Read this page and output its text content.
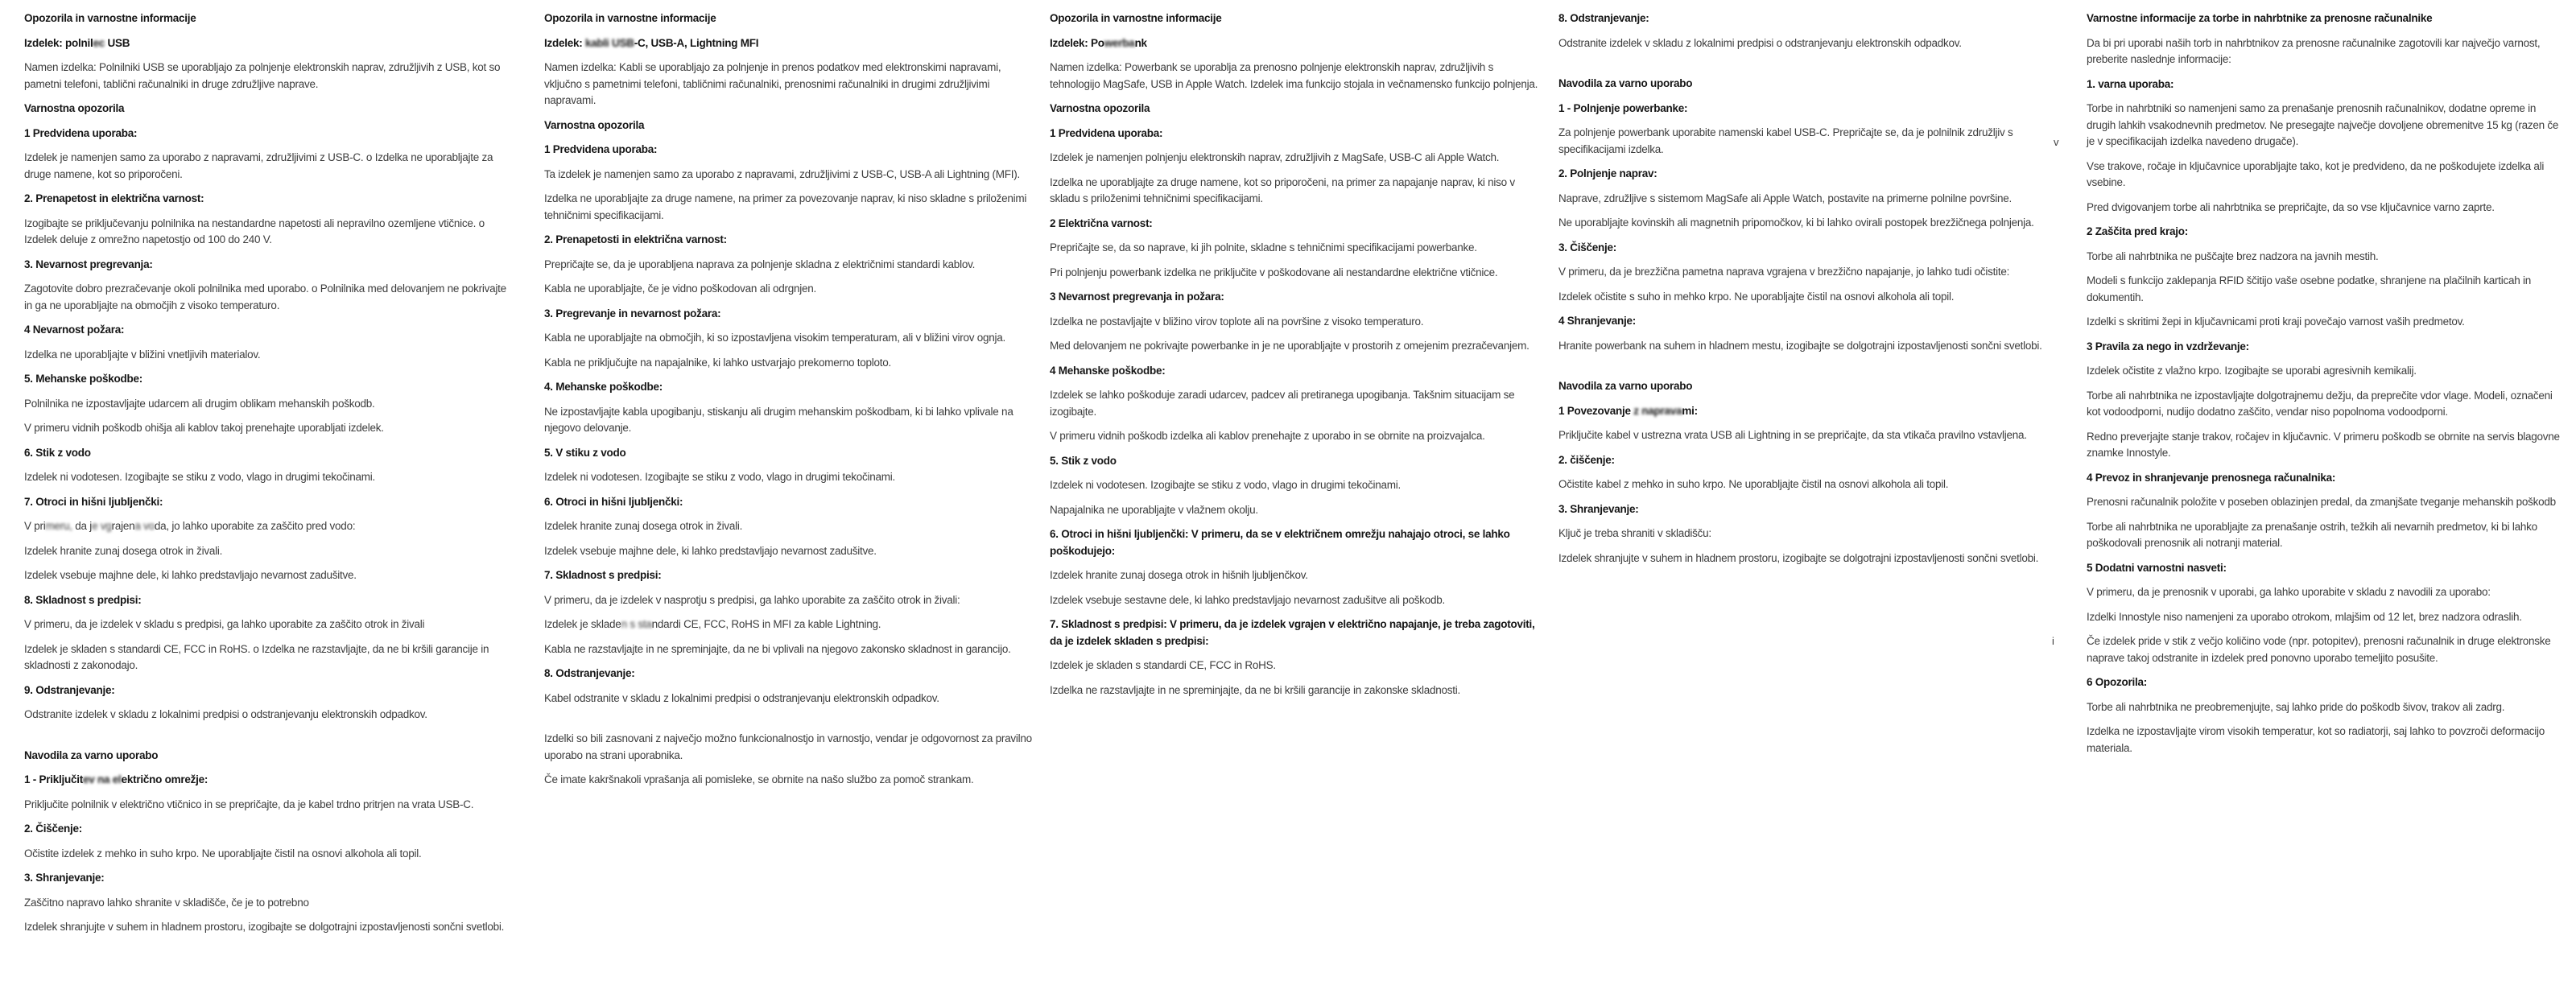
Opozorila in varnostne informacije

Izdelek: polnilec USB

Namen izdelka: Polnilniki USB se uporabljajo za polnjenje elektronskih naprav, združljivih z USB, kot so pametni telefoni, tablični računalniki in druge združljive naprave.

Varnostna opozorila

1 Predvidena uporaba:

Izdelek je namenjen samo za uporabo z napravami, združljivimi z USB-C. o Izdelka ne uporabljajte za druge namene, kot so priporočeni.

2. Prenapetost in električna varnost:

Izogibajte se priključevanju polnilnika na nestandardne napetosti ali nepravilno ozemljene vtičnice. o Izdelek deluje z omrežno napetostjo od 100 do 240 V.

3. Nevarnost pregrevanja:

Zagotovite dobro prezračevanje okoli polnilnika med uporabo. o Polnilnika med delovanjem ne pokrivajte in ga ne uporabljajte na območjih z visoko temperaturo.

4 Nevarnost požara:

Izdelka ne uporabljajte v bližini vnetljivih materialov.

5. Mehanske poškodbe:

Polnilnika ne izpostavljajte udarcem ali drugim oblikam mehanskih poškodb.

V primeru vidnih poškodb ohišja ali kablov takoj prenehajte uporabljati izdelek.

6. Stik z vodo

Izdelek ni vodotesen. Izogibajte se stiku z vodo, vlago in drugimi tekočinami.

7. Otroci in hišni ljubljenčki:

V primeru, da je vgrajena voda, jo lahko uporabite za zaščito pred vodo:

Izdelek hranite zunaj dosega otrok in živali.

Izdelek vsebuje majhne dele, ki lahko predstavljajo nevarnost zadušitve.

8. Skladnost s predpisi:

V primeru, da je izdelek v skladu s predpisi, ga lahko uporabite za zaščito otrok in živali

Izdelek je skladen s standardi CE, FCC in RoHS. o Izdelka ne razstavljajte, da ne bi kršili garancije in skladnosti z zakonodajo.

9. Odstranjevanje:

Odstranite izdelek v skladu z lokalnimi predpisi o odstranjevanju elektronskih odpadkov.

Navodila za varno uporabo

1 - Priključitev na električno omrežje:

Priključite polnilnik v električno vtičnico in se prepričajte, da je kabel trdno pritrjen na vrata USB-C.

2. Čiščenje:

Očistite izdelek z mehko in suho krpo. Ne uporabljajte čistil na osnovi alkohola ali topil.

3. Shranjevanje:

Zaščitno napravo lahko shranite v skladišče, če je to potrebno

Izdelek shranjujte v suhem in hladnem prostoru, izogibajte se dolgotrajni izpostavljenosti sončni svetlobi.

Opozorila in varnostne informacije

Izdelek: kabli USB-C, USB-A, Lightning MFI

Namen izdelka: Kabli se uporabljajo za polnjenje in prenos podatkov med elektronskimi napravami, vključno s pametnimi telefoni, tabličnimi računalniki, prenosnimi računalniki in drugimi združljivimi napravami.

Varnostna opozorila

1 Predvidena uporaba:

Ta izdelek je namenjen samo za uporabo z napravami, združljivimi z USB-C, USB-A ali Lightning (MFI).

Izdelka ne uporabljajte za druge namene, na primer za povezovanje naprav, ki niso skladne s priloženimi tehničnimi specifikacijami.

2. Prenapetosti in električna varnost:

Prepričajte se, da je uporabljena naprava za polnjenje skladna z električnimi standardi kablov.

Kabla ne uporabljajte, če je vidno poškodovan ali odrgnjen.

3. Pregrevanje in nevarnost požara:

Kabla ne uporabljajte na območjih, ki so izpostavljena visokim temperaturam, ali v bližini virov ognja.

Kabla ne priključujte na napajalnike, ki lahko ustvarjajo prekomerno toploto.

4. Mehanske poškodbe:

Ne izpostavljajte kabla upogibanju, stiskanju ali drugim mehanskim poškodbam, ki bi lahko vplivale na njegovo delovanje.

5. V stiku z vodo

Izdelek ni vodotesen. Izogibajte se stiku z vodo, vlago in drugimi tekočinami.

6. Otroci in hišni ljubljenčki:

Izdelek hranite zunaj dosega otrok in živali.

Izdelek vsebuje majhne dele, ki lahko predstavljajo nevarnost zadušitve.

7. Skladnost s predpisi:

V primeru, da je izdelek v nasprotju s predpisi, ga lahko uporabite za zaščito otrok in živali:

Izdelek je skladen s standardi CE, FCC, RoHS in MFI za kable Lightning.

Kabla ne razstavljajte in ne spreminjajte, da ne bi vplivali na njegovo zakonsko skladnost in garancijo.

8. Odstranjevanje:

Kabel odstranite v skladu z lokalnimi predpisi o odstranjevanju elektronskih odpadkov.

Izdelki so bili zasnovani z največjo možno funkcionalnostjo in varnostjo, vendar je odgovornost za pravilno uporabo na strani uporabnika.

Če imate kakršnakoli vprašanja ali pomisleke, se obrnite na našo službo za pomoč strankam.

Opozorila in varnostne informacije

Izdelek: Powerbank

Namen izdelka: Powerbank se uporablja za prenosno polnjenje elektronskih naprav, združljivih s tehnologijo MagSafe, USB in Apple Watch. Izdelek ima funkcijo stojala in večnamensko funkcijo polnjenja.

Varnostna opozorila

1 Predvidena uporaba:

Izdelek je namenjen polnjenju elektronskih naprav, združljivih z MagSafe, USB-C ali Apple Watch.

Izdelka ne uporabljajte za druge namene, kot so priporočeni, na primer za napajanje naprav, ki niso v skladu s priloženimi tehničnimi specifikacijami.

2 Električna varnost:

Prepričajte se, da so naprave, ki jih polnite, skladne s tehničnimi specifikacijami powerbanke.

Pri polnjenju powerbank izdelka ne priključite v poškodovane ali nestandardne električne vtičnice.

3 Nevarnost pregrevanja in požara:

Izdelka ne postavljajte v bližino virov toplote ali na površine z visoko temperaturo.

Med delovanjem ne pokrivajte powerbanke in je ne uporabljajte v prostorih z omejenim prezračevanjem.

4 Mehanske poškodbe:

Izdelek se lahko poškoduje zaradi udarcev, padcev ali pretiranega upogibanja. Takšnim situacijam se izogibajte.

V primeru vidnih poškodb izdelka ali kablov prenehajte z uporabo in se obrnite na proizvajalca.

5. Stik z vodo

Izdelek ni vodotesen. Izogibajte se stiku z vodo, vlago in drugimi tekočinami.

Napajalnika ne uporabljajte v vlažnem okolju.

6. Otroci in hišni ljubljenčki: V primeru, da se v električnem omrežju nahajajo otroci, se lahko poškodujejo:

Izdelek hranite zunaj dosega otrok in hišnih ljubljenčkov.

Izdelek vsebuje sestavne dele, ki lahko predstavljajo nevarnost zadušitve ali poškodb.

7. Skladnost s predpisi: V primeru, da je izdelek vgrajen v električno napajanje, je treba zagotoviti, da je izdelek skladen s predpisi:

Izdelek je skladen s standardi CE, FCC in RoHS.

Izdelka ne razstavljajte in ne spreminjajte, da ne bi kršili garancije in zakonske skladnosti.

8. Odstranjevanje:

Odstranite izdelek v skladu z lokalnimi predpisi o odstranjevanju elektronskih odpadkov.

Navodila za varno uporabo

1 - Polnjenje powerbanke:

Za polnjenje powerbank uporabite namenski kabel USB-C. Prepričajte se, da je polnilnik združljiv s specifikacijami izdelka.

2. Polnjenje naprav:

Naprave, združljive s sistemom MagSafe ali Apple Watch, postavite na primerne polnilne površine.

Ne uporabljajte kovinskih ali magnetnih pripomočkov, ki bi lahko ovirali postopek brezžičnega polnjenja.

3. Čiščenje:

V primeru, da je brezžična pametna naprava vgrajena v brezžično napajanje, jo lahko tudi očistite:

Izdelek očistite s suho in mehko krpo. Ne uporabljajte čistil na osnovi alkohola ali topil.

4 Shranjevanje:

Hranite powerbank na suhem in hladnem mestu, izogibajte se dolgotrajni izpostavljenosti sončni svetlobi.

Navodila za varno uporabo

1 Povezovanje z napravami:

Priključite kabel v ustrezna vrata USB ali Lightning in se prepričajte, da sta vtikača pravilno vstavljena.

2. čiščenje:

Očistite kabel z mehko in suho krpo. Ne uporabljajte čistil na osnovi alkohola ali topil.

3. Shranjevanje:

Ključ je treba shraniti v skladišču:

Izdelek shranjujte v suhem in hladnem prostoru, izogibajte se dolgotrajni izpostavljenosti sončni svetlobi.

Varnostne informacije za torbe in nahrbtnike za prenosne računalnike

Da bi pri uporabi naših torb in nahrbtnikov za prenosne računalnike zagotovili kar največjo varnost, preberite naslednje informacije:

1. varna uporaba:

Torbe in nahrbtniki so namenjeni samo za prenašanje prenosnih računalnikov, dodatne opreme in drugih lahkih vsakodnevnih predmetov. Ne presegajte največje dovoljene obremenitve 15 kg (razen če je v specifikacijah izdelka navedeno drugače).

Vse trakove, ročaje in ključavnice uporabljajte tako, kot je predvideno, da ne poškodujete izdelka ali vsebine.

Pred dvigovanjem torbe ali nahrbtnika se prepričajte, da so vse ključavnice varno zaprte.

2 Zaščita pred krajo:

Torbe ali nahrbtnika ne puščajte brez nadzora na javnih mestih.

Modeli s funkcijo zaklepanja RFID ščitijo vaše osebne podatke, shranjene na plačilnih karticah in dokumentih.

Izdelki s skritimi žepi in ključavnicami proti kraji povečajo varnost vaših predmetov.

3 Pravila za nego in vzdrževanje:

Izdelek očistite z vlažno krpo. Izogibajte se uporabi agresivnih kemikalij.

Torbe ali nahrbtnika ne izpostavljajte dolgotrajnemu dežju, da preprečite vdor vlage. Modeli, označeni kot vodoodporni, nudijo dodatno zaščito, vendar niso popolnoma vodoodporni.

Redno preverjajte stanje trakov, ročajev in ključavnic. V primeru poškodb se obrnite na servis blagovne znamke Innostyle.

4 Prevoz in shranjevanje prenosnega računalnika:

Prenosni računalnik položite v poseben oblazinjen predal, da zmanjšate tveganje mehanskih poškodb

Torbe ali nahrbtnika ne uporabljajte za prenašanje ostrih, težkih ali nevarnih predmetov, ki bi lahko poškodovali prenosnik ali notranji material.

5 Dodatni varnostni nasveti:

V primeru, da je prenosnik v uporabi, ga lahko uporabite v skladu z navodili za uporabo:

Izdelki Innostyle niso namenjeni za uporabo otrokom, mlajšim od 12 let, brez nadzora odraslih.

Če izdelek pride v stik z večjo količino vode (npr. potopitev), prenosni računalnik in druge elektronske naprave takoj odstranite in izdelek pred ponovno uporabo temeljito posušite.

6 Opozorila:

Torbe ali nahrbtnika ne preobremenjujte, saj lahko pride do poškodb šivov, trakov ali zadrg.

Izdelka ne izpostavljajte virom visokih temperatur, kot so radiatorji, saj lahko to povzroči deformacijo materiala.

v
i
